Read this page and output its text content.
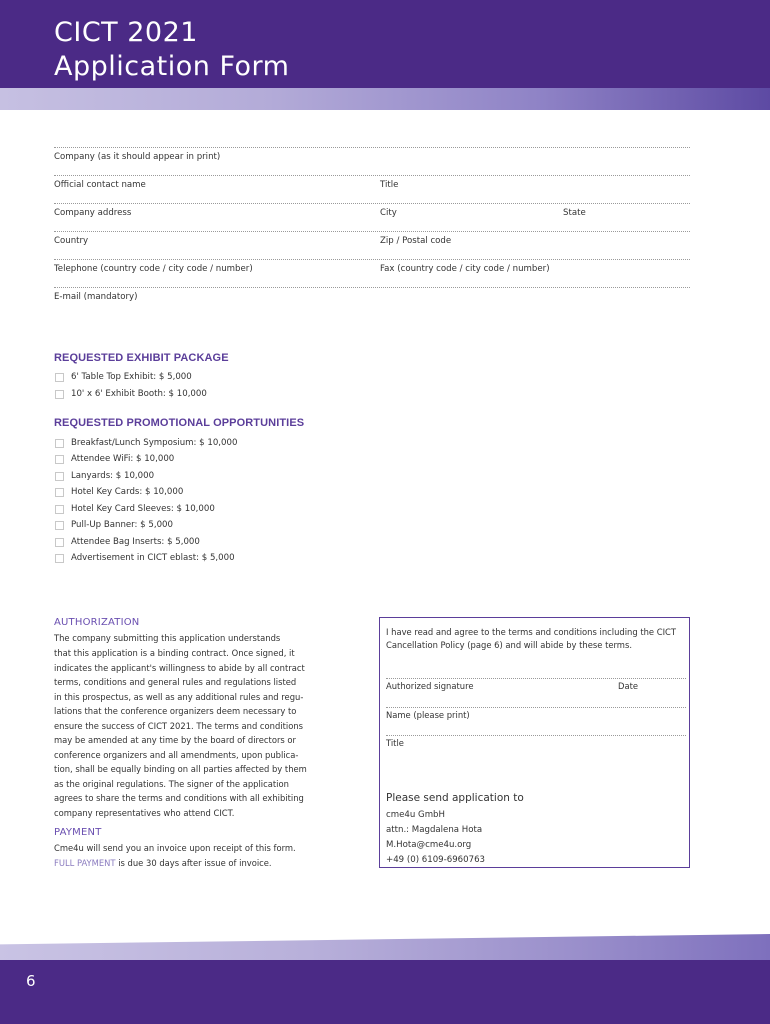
CICT 2021
Application Form
Company (as it should appear in print)
Official contact name	Title
Company address	City	State
Country	Zip / Postal code
Telephone (country code / city code / number)	Fax (country code / city code / number)
E-mail (mandatory)
REQUESTED EXHIBIT PACKAGE
6' Table Top Exhibit: $ 5,000
10' x 6' Exhibit Booth: $ 10,000
REQUESTED PROMOTIONAL OPPORTUNITIES
Breakfast/Lunch Symposium: $ 10,000
Attendee WiFi: $ 10,000
Lanyards: $ 10,000
Hotel Key Cards: $ 10,000
Hotel Key Card Sleeves: $ 10,000
Pull-Up Banner: $ 5,000
Attendee Bag Inserts: $ 5,000
Advertisement in CICT eblast: $ 5,000
AUTHORIZATION
The company submitting this application understands
that this application is a binding contract. Once signed, it
indicates the applicant's willingness to abide by all contract
terms, conditions and general rules and regulations listed
in this prospectus, as well as any additional rules and regu-
lations that the conference organizers deem necessary to
ensure the success of CICT 2021. The terms and conditions
may be amended at any time by the board of directors or
conference organizers and all amendments, upon publica-
tion, shall be equally binding on all parties affected by them
as the original regulations. The signer of the application
agrees to share the terms and conditions with all exhibiting
company representatives who attend CICT.
PAYMENT
Cme4u will send you an invoice upon receipt of this form.
FULL PAYMENT is due 30 days after issue of invoice.
I have read and agree to the terms and conditions including the CICT
Cancellation Policy (page 6) and will abide by these terms.
Authorized signature	Date
Name (please print)
Title
Please send application to
cme4u GmbH
attn.: Magdalena Hota
M.Hota@cme4u.org
+49 (0) 6109-6960763
6
